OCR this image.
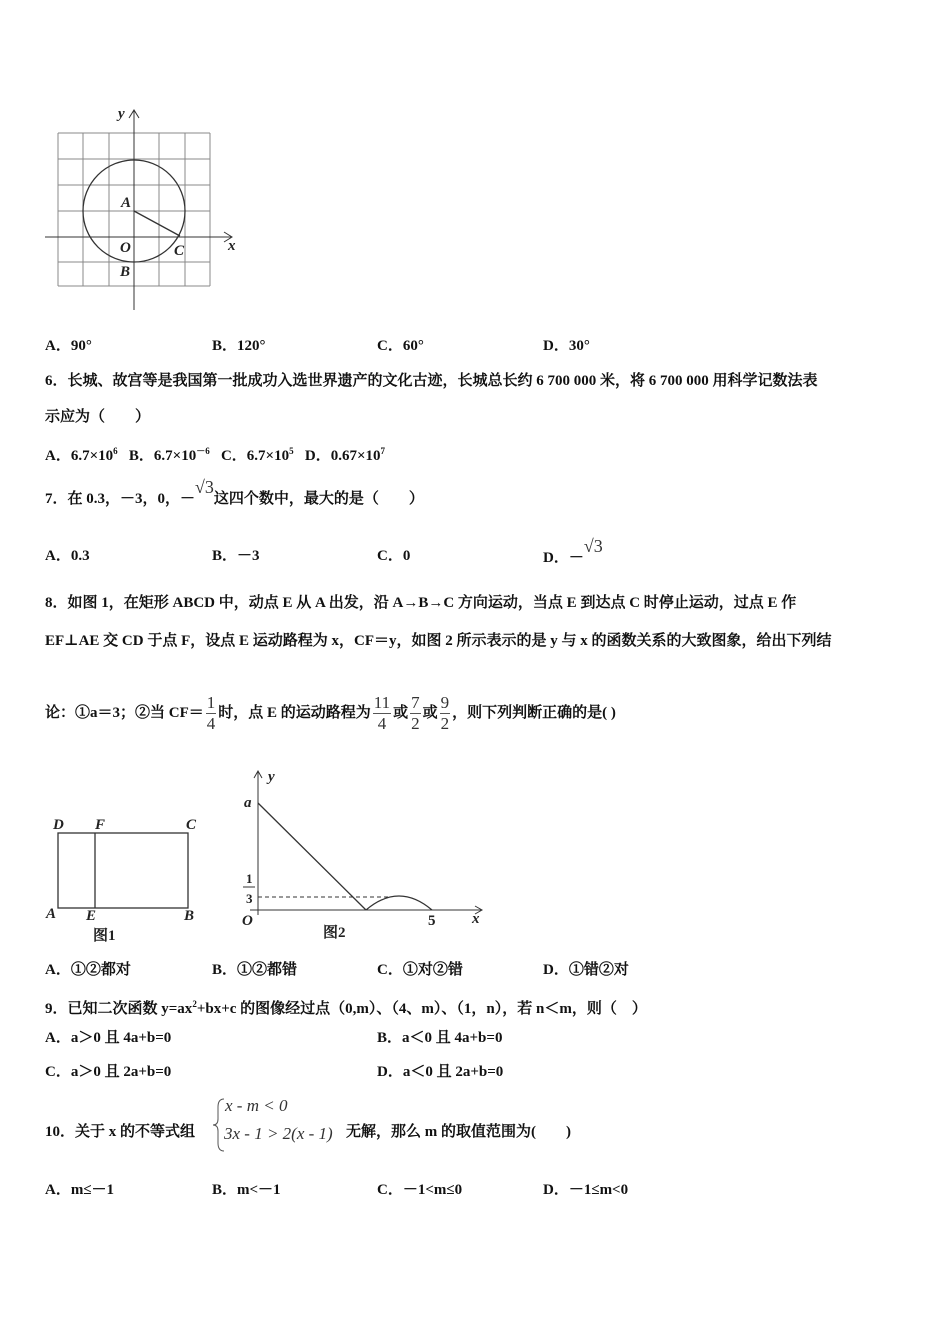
y
x
A
O
B
C
A．90°	B．120°	C．60°	D．30°
6．长城、故宫等是我国第一批成功入选世界遗产的文化古迹，长城总长约 6 700 000 米，将 6 700 000 用科学记数法表
示应为（　　）
A．$6.7\times 10^6$ B．$6.7\times 10^{-6}$ C．$6.7\times 10^5$ D．$0.67\times 10^7$
7．在 0.3，－3，0，－√3这四个数中，最大的是（　　）
A．0.3	B．－3	C．0	D．－√3
8．如图 1，在矩形 ABCD 中，动点 E 从 A 出发，沿 A→B→C 方向运动，当点 E 到达点 C 时停止运动，过点 E 作
EF⊥AE 交 CD 于点 F，设点 E 运动路程为 x，CF＝y，如图 2 所示表示的是 y 与 x 的函数关系的大致图象，给出下列结
论：①a＝3；②当 $CF= \frac{1}{4}$ 时，点 E 的运动路程为 $\frac{11}{4}$ 或 $\frac{7}{2}$ 或 $\frac{9}{2}$ ，则下列判断正确的是( )
D F	C
A E	B
图1
y
a
1
3
O	5 x
图2
A．①②都对	B．①②都错	C．①对②错	D．①错②对
9．已知二次函数 $y=ax^2+bx+c$ 的图像经过点（0,m）、（4、m）、（1，n），若 n＜m，则（　）
A．a＞0 且 4a+b=0	B．a＜0 且 4a+b=0
C．a＞0 且 2a+b=0	D．a＜0 且 2a+b=0
10．关于 x 的不等式组
x - m < 0
3x - 1 > 2(x - 1) 无解，那么 m 的取值范围为(　　)
A．m≤－1	B．m<－1	C．－1<m≤0	D．－1≤m<0
